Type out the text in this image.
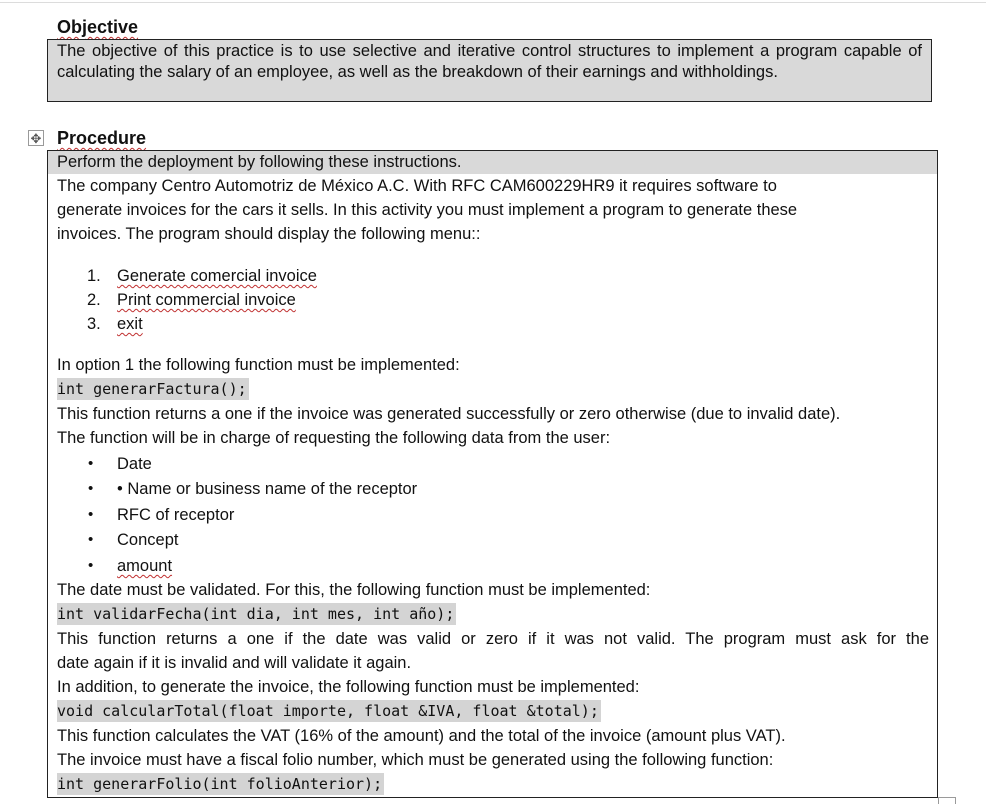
Objective
The objective of this practice is to use selective and iterative control structures to implement a program capable of calculating the salary of an employee, as well as the breakdown of their earnings and withholdings.
✥ Procedure
Perform the deployment by following these instructions.
The company Centro Automotriz de México A.C. With RFC CAM600229HR9 it requires software to
generate invoices for the cars it sells. In this activity you must implement a program to generate these
invoices. The program should display the following menu::
1. Generate comercial invoice
2. Print commercial invoice
3. exit
In option 1 the following function must be implemented:
int generarFactura();
This function returns a one if the invoice was generated successfully or zero otherwise (due to invalid date).
The function will be in charge of requesting the following data from the user:
• Date
• • Name or business name of the receptor
• RFC of receptor
• Concept
• amount
The date must be validated. For this, the following function must be implemented:
int validarFecha(int dia, int mes, int año);
This function returns a one if the date was valid or zero if it was not valid. The program must ask for the
date again if it is invalid and will validate it again.
In addition, to generate the invoice, the following function must be implemented:
void calcularTotal(float importe, float &IVA, float &total);
This function calculates the VAT (16% of the amount) and the total of the invoice (amount plus VAT).
The invoice must have a fiscal folio number, which must be generated using the following function:
int generarFolio(int folioAnterior);
